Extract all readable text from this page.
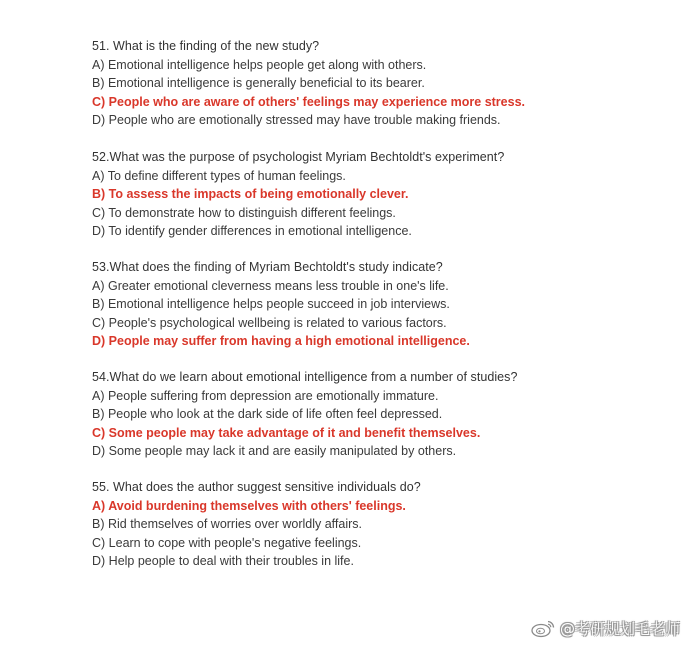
51. What is the finding of the new study?
A) Emotional intelligence helps people get along with others.
B) Emotional intelligence is generally beneficial to its bearer.
C) People who are aware of others' feelings may experience more stress.
D) People who are emotionally stressed may have trouble making friends.
52.What was the purpose of psychologist Myriam Bechtoldt's experiment?
A) To define different types of human feelings.
B) To assess the impacts of being emotionally clever.
C) To demonstrate how to distinguish different feelings.
D) To identify gender differences in emotional intelligence.
53.What does the finding of Myriam Bechtoldt's study indicate?
A) Greater emotional cleverness means less trouble in one's life.
B) Emotional intelligence helps people succeed in job interviews.
C) People's psychological wellbeing is related to various factors.
D) People may suffer from having a high emotional intelligence.
54.What do we learn about emotional intelligence from a number of studies?
A) People suffering from depression are emotionally immature.
B) People who look at the dark side of life often feel depressed.
C) Some people may take advantage of it and benefit themselves.
D) Some people may lack it and are easily manipulated by others.
55. What does the author suggest sensitive individuals do?
A) Avoid burdening themselves with others' feelings.
B) Rid themselves of worries over worldly affairs.
C) Learn to cope with people's negative feelings.
D) Help people to deal with their troubles in life.
@考研规划毛老师
